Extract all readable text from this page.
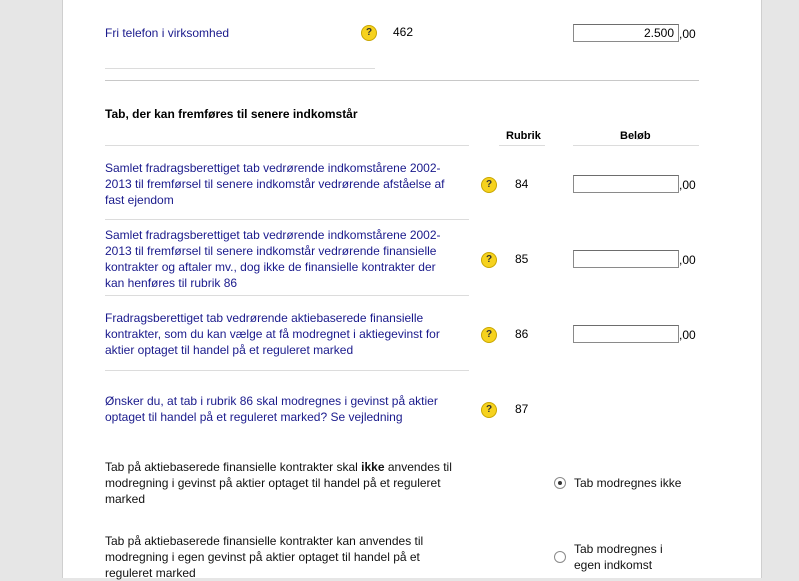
Fri telefon i virksomhed	?	462
2.500	,00
Tab, der kan fremføres til senere indkomstår
Rubrik	Beløb
Samlet fradragsberettiget tab vedrørende indkomstårene 2002-
2013 til fremførsel til senere indkomstår vedrørende afståelse af
fast ejendom
?	84	,00
Samlet fradragsberettiget tab vedrørende indkomstårene 2002-
2013 til fremførsel til senere indkomstår vedrørende finansielle
kontrakter og aftaler mv., dog ikke de finansielle kontrakter der
kan henføres til rubrik 86
?	85	,00
Fradragsberettiget tab vedrørende aktiebaserede finansielle
kontrakter, som du kan vælge at få modregnet i aktiegevinst for
aktier optaget til handel på et reguleret marked
?	86	,00
Ønsker du, at tab i rubrik 86 skal modregnes i gevinst på aktier
optaget til handel på et reguleret marked? Se vejledning
?	87
Tab på aktiebaserede finansielle kontrakter skal ikke anvendes til
modregning i gevinst på aktier optaget til handel på et reguleret
marked
Tab modregnes ikke
Tab på aktiebaserede finansielle kontrakter kan anvendes til
modregning i egen gevinst på aktier optaget til handel på et
reguleret marked
Tab modregnes i
egen indkomst
